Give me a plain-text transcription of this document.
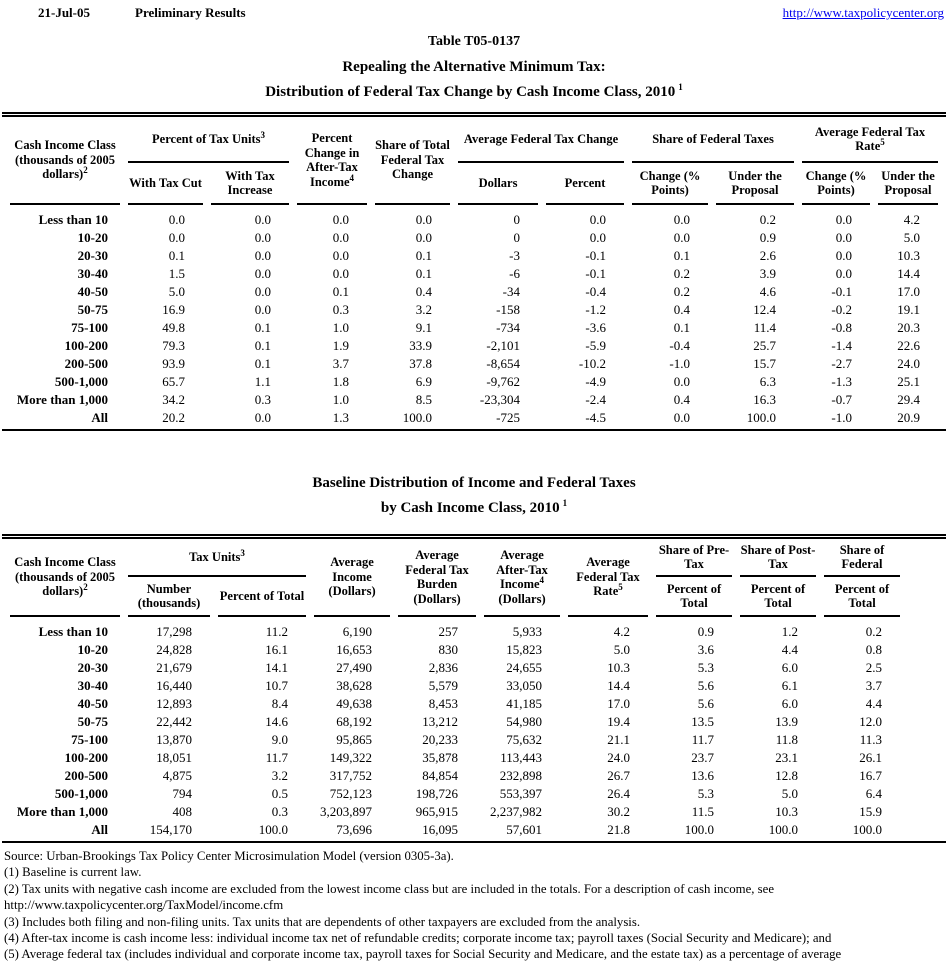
21-Jul-05	Preliminary Results	http://www.taxpolicycenter.org
Table T05-0137
Repealing the Alternative Minimum Tax:
Distribution of Federal Tax Change by Cash Income Class, 2010 $^1$
Cash Income Class (thousands of 2005 dollars)$^2$	Percent of Tax Units$^3$		Percent Change in After-Tax Income$^4$	Share of Total Federal Tax Change	Average Federal Tax Change		Share of Federal Taxes		Average Federal Tax Rate$^5$
	With Tax Cut	With Tax Increase			Dollars	Percent	Change (% Points)	Under the Proposal	Change (% Points)	Under the Proposal
Less than 10	0.0	0.0	0.0	0.0	0	0.0	0.0	0.2	0.0	4.2
10-20	0.0	0.0	0.0	0.0	0	0.0	0.0	0.9	0.0	5.0
20-30	0.1	0.0	0.0	0.1	-3	-0.1	0.1	2.6	0.0	10.3
30-40	1.5	0.0	0.0	0.1	-6	-0.1	0.2	3.9	0.0	14.4
40-50	5.0	0.0	0.1	0.4	-34	-0.4	0.2	4.6	-0.1	17.0
50-75	16.9	0.0	0.3	3.2	-158	-1.2	0.4	12.4	-0.2	19.1
75-100	49.8	0.1	1.0	9.1	-734	-3.6	0.1	11.4	-0.8	20.3
100-200	79.3	0.1	1.9	33.9	-2,101	-5.9	-0.4	25.7	-1.4	22.6
200-500	93.9	0.1	3.7	37.8	-8,654	-10.2	-1.0	15.7	-2.7	24.0
500-1,000	65.7	1.1	1.8	6.9	-9,762	-4.9	0.0	6.3	-1.3	25.1
More than 1,000	34.2	0.3	1.0	8.5	-23,304	-2.4	0.4	16.3	-0.7	29.4
All	20.2	0.0	1.3	100.0	-725	-4.5	0.0	100.0	-1.0	20.9
Baseline Distribution of Income and Federal Taxes
by Cash Income Class, 2010 $^1$
Cash Income Class (thousands of 2005 dollars)$^2$	Tax Units$^3$		Average Income (Dollars)	Average Federal Tax Burden (Dollars)	Average After-Tax Income$^4$ (Dollars)	Average Federal Tax Rate$^5$	Share of Pre-Tax	Share of Post-Tax	Share of Federal	
	Number (thousands)	Percent of Total					Percent of Total	Percent of Total	Percent of Total	
Less than 10	17,298	11.2	6,190	257	5,933	4.2	0.9	1.2	0.2	
10-20	24,828	16.1	16,653	830	15,823	5.0	3.6	4.4	0.8	
20-30	21,679	14.1	27,490	2,836	24,655	10.3	5.3	6.0	2.5	
30-40	16,440	10.7	38,628	5,579	33,050	14.4	5.6	6.1	3.7	
40-50	12,893	8.4	49,638	8,453	41,185	17.0	5.6	6.0	4.4	
50-75	22,442	14.6	68,192	13,212	54,980	19.4	13.5	13.9	12.0	
75-100	13,870	9.0	95,865	20,233	75,632	21.1	11.7	11.8	11.3	
100-200	18,051	11.7	149,322	35,878	113,443	24.0	23.7	23.1	26.1	
200-500	4,875	3.2	317,752	84,854	232,898	26.7	13.6	12.8	16.7	
500-1,000	794	0.5	752,123	198,726	553,397	26.4	5.3	5.0	6.4	
More than 1,000	408	0.3	3,203,897	965,915	2,237,982	30.2	11.5	10.3	15.9	
All	154,170	100.0	73,696	16,095	57,601	21.8	100.0	100.0	100.0	
Source: Urban-Brookings Tax Policy Center Microsimulation Model (version 0305-3a).
(1) Baseline is current law.
(2) Tax units with negative cash income are excluded from the lowest income class but are included in the totals. For a description of cash income, see
http://www.taxpolicycenter.org/TaxModel/income.cfm
(3) Includes both filing and non-filing units. Tax units that are dependents of other taxpayers are excluded from the analysis.
(4) After-tax income is cash income less: individual income tax net of refundable credits; corporate income tax; payroll taxes (Social Security and Medicare); and
(5) Average federal tax (includes individual and corporate income tax, payroll taxes for Social Security and Medicare, and the estate tax) as a percentage of average
